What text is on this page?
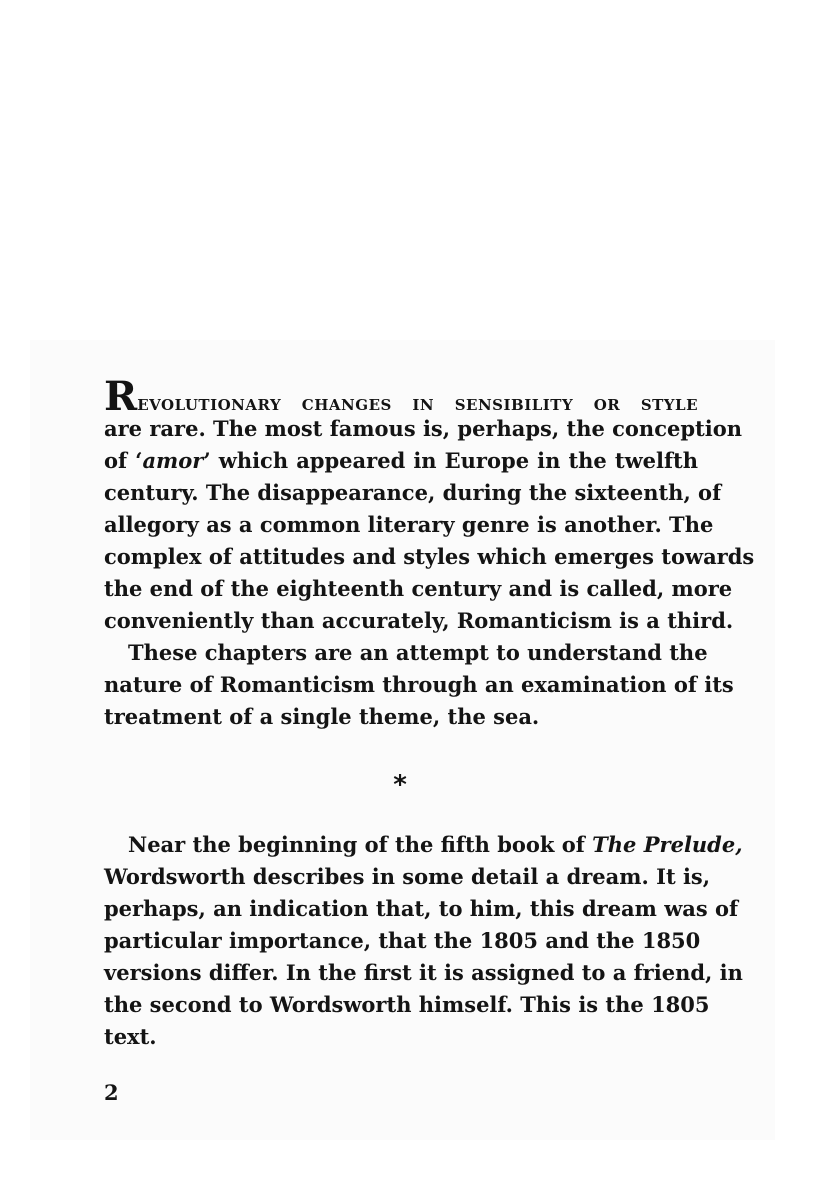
REVOLUTIONARY CHANGES IN SENSIBILITY OR STYLE
are rare. The most famous is, perhaps, the conception
of ‘amor’ which appeared in Europe in the twelfth
century. The disappearance, during the sixteenth, of
allegory as a common literary genre is another. The
complex of attitudes and styles which emerges towards
the end of the eighteenth century and is called, more
conveniently than accurately, Romanticism is a third.
These chapters are an attempt to understand the
nature of Romanticism through an examination of its
treatment of a single theme, the sea.
*
Near the beginning of the fifth book of The Prelude,
Wordsworth describes in some detail a dream. It is,
perhaps, an indication that, to him, this dream was of
particular importance, that the 1805 and the 1850
versions differ. In the first it is assigned to a friend, in
the second to Wordsworth himself. This is the 1805
text.
2
